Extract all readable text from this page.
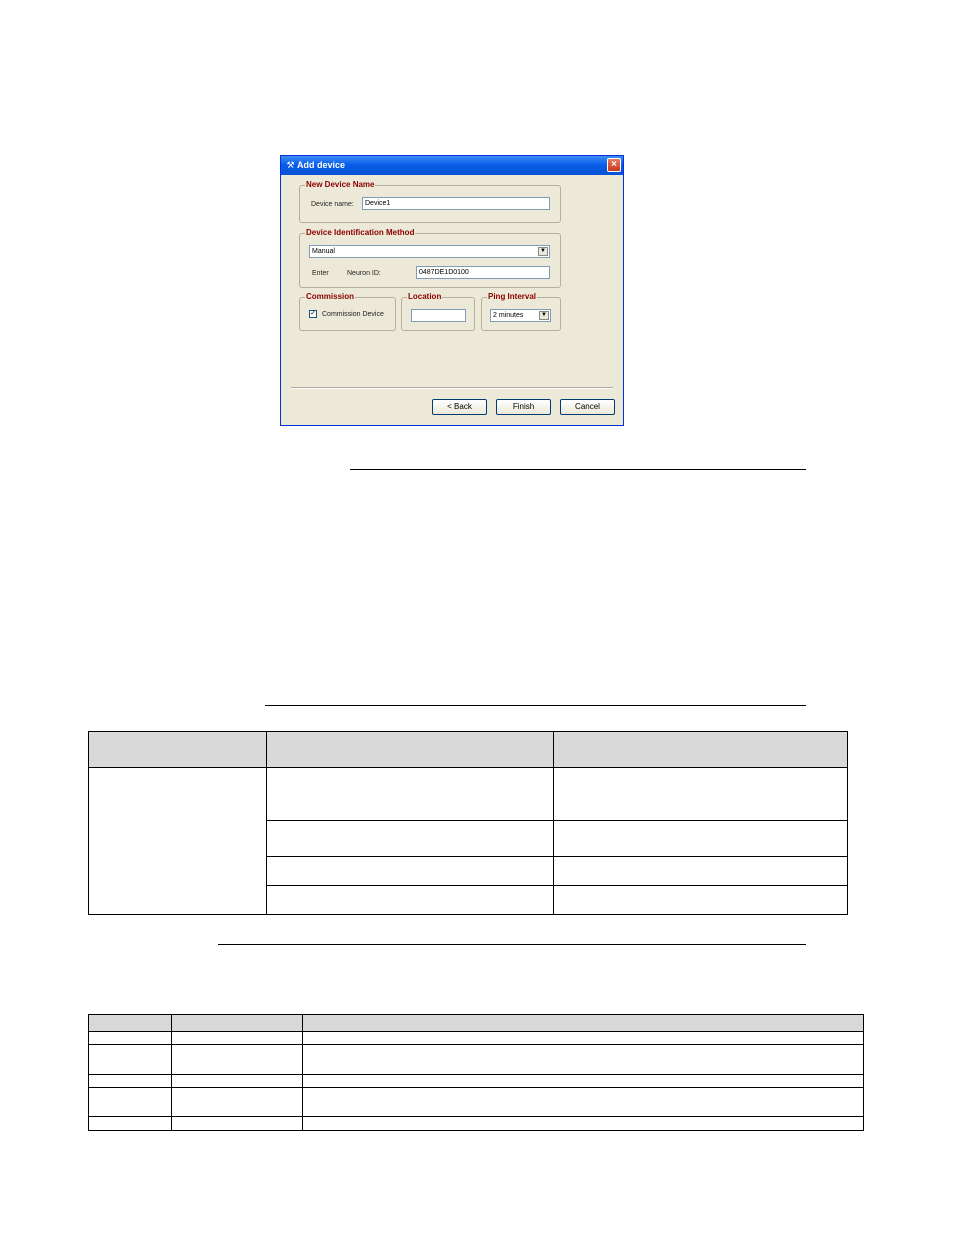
⚒ Add device	×
New Device Name
Device name:	Device1
Device Identification Method
Manual	▼
Enter	Neuron ID:	0487DE1D0100
Commission
✓ Commission Device
Location	Ping Interval
2 minutes	▼
< Back	Finish	Cancel
